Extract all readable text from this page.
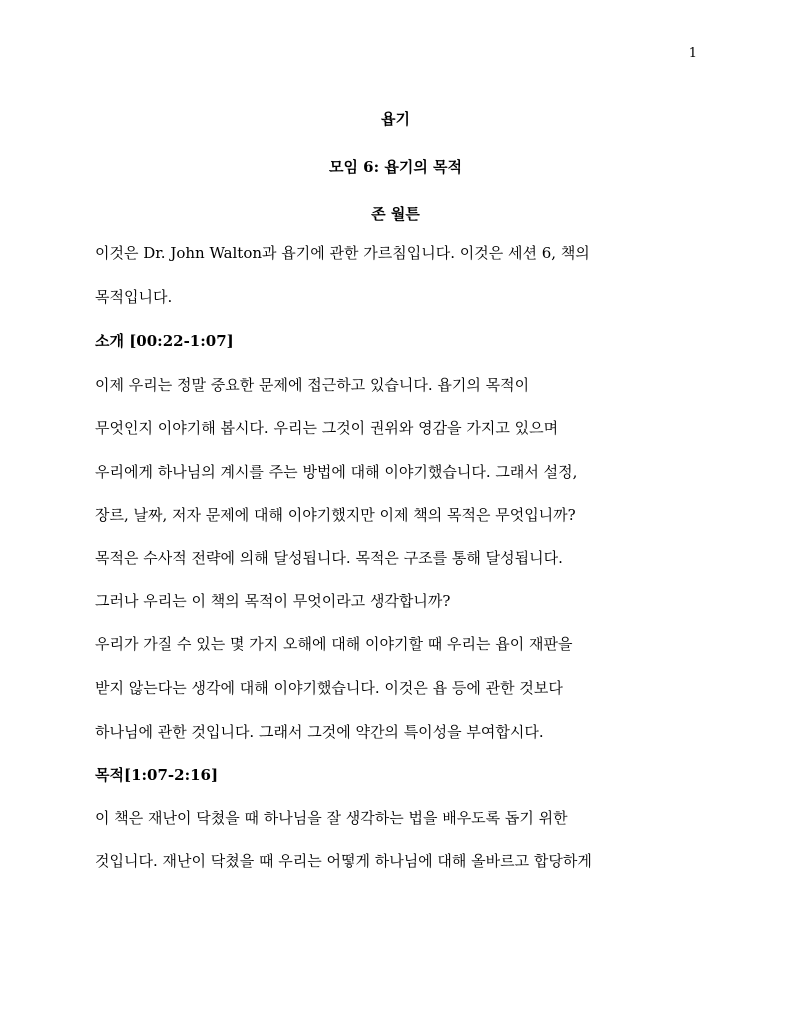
1
욥기
모임 6: 욥기의 목적
존 월튼
이것은 Dr. John Walton과 욥기에 관한 가르침입니다. 이것은 세션 6, 책의
목적입니다.
소개 [00:22-1:07]
이제 우리는 정말 중요한 문제에 접근하고 있습니다. 욥기의 목적이
무엇인지 이야기해 봅시다. 우리는 그것이 권위와 영감을 가지고 있으며
우리에게 하나님의 계시를 주는 방법에 대해 이야기했습니다. 그래서 설정,
장르, 날짜, 저자 문제에 대해 이야기했지만 이제 책의 목적은 무엇입니까?
목적은 수사적 전략에 의해 달성됩니다. 목적은 구조를 통해 달성됩니다.
그러나 우리는 이 책의 목적이 무엇이라고 생각합니까?
우리가 가질 수 있는 몇 가지 오해에 대해 이야기할 때 우리는 욥이 재판을
받지 않는다는 생각에 대해 이야기했습니다. 이것은 욥 등에 관한 것보다
하나님에 관한 것입니다. 그래서 그것에 약간의 특이성을 부여합시다.
목적[1:07-2:16]
이 책은 재난이 닥쳤을 때 하나님을 잘 생각하는 법을 배우도록 돕기 위한
것입니다. 재난이 닥쳤을 때 우리는 어떻게 하나님에 대해 올바르고 합당하게
